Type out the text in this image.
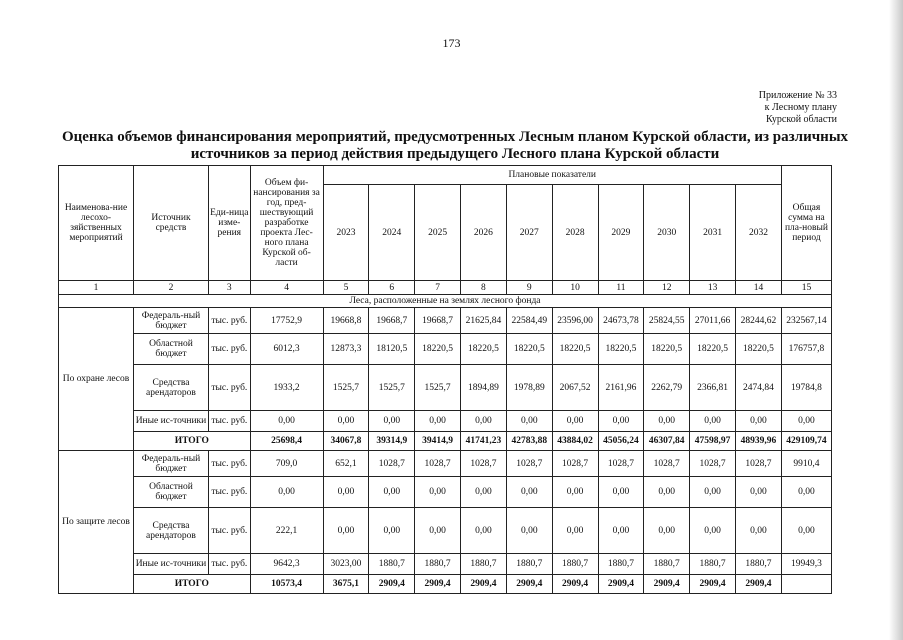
173
Приложение № 33
к Лесному плану
Курской области
Оценка объемов финансирования мероприятий, предусмотренных Лесным планом Курской области, из различных источников за период действия предыдущего Лесного плана Курской области
Наименова-ние лесохо-зяйственных мероприятий	Источник средств	Еди-ница изме-рения	Объем фи-нансирования за год, пред-шествующий разработке проекта Лес-ного плана Курской об-ласти	Плановые показатели										Общая сумма на пла-новый период
				2023	2024	2025	2026	2027	2028	2029	2030	2031	2032	
1	2	3	4	5	6	7	8	9	10	11	12	13	14	15
Леса, расположенные на землях лесного фонда														
По охране лесов	Федераль-ный бюджет	тыс. руб.	17752,9	19668,8	19668,7	19668,7	21625,84	22584,49	23596,00	24673,78	25824,55	27011,66	28244,62	232567,14
	Областной бюджет	тыс. руб.	6012,3	12873,3	18120,5	18220,5	18220,5	18220,5	18220,5	18220,5	18220,5	18220,5	18220,5	176757,8
	Средства арендаторов	тыс. руб.	1933,2	1525,7	1525,7	1525,7	1894,89	1978,89	2067,52	2161,96	2262,79	2366,81	2474,84	19784,8
	Иные ис-точники	тыс. руб.	0,00	0,00	0,00	0,00	0,00	0,00	0,00	0,00	0,00	0,00	0,00	0,00
	ИТОГО		25698,4	34067,8	39314,9	39414,9	41741,23	42783,88	43884,02	45056,24	46307,84	47598,97	48939,96	429109,74
По защите лесов	Федераль-ный бюджет	тыс. руб.	709,0	652,1	1028,7	1028,7	1028,7	1028,7	1028,7	1028,7	1028,7	1028,7	1028,7	9910,4
	Областной бюджет	тыс. руб.	0,00	0,00	0,00	0,00	0,00	0,00	0,00	0,00	0,00	0,00	0,00	0,00
	Средства арендаторов	тыс. руб.	222,1	0,00	0,00	0,00	0,00	0,00	0,00	0,00	0,00	0,00	0,00	0,00
	Иные ис-точники	тыс. руб.	9642,3	3023,00	1880,7	1880,7	1880,7	1880,7	1880,7	1880,7	1880,7	1880,7	1880,7	19949,3
	ИТОГО		10573,4	3675,1	2909,4	2909,4	2909,4	2909,4	2909,4	2909,4	2909,4	2909,4	2909,4	
